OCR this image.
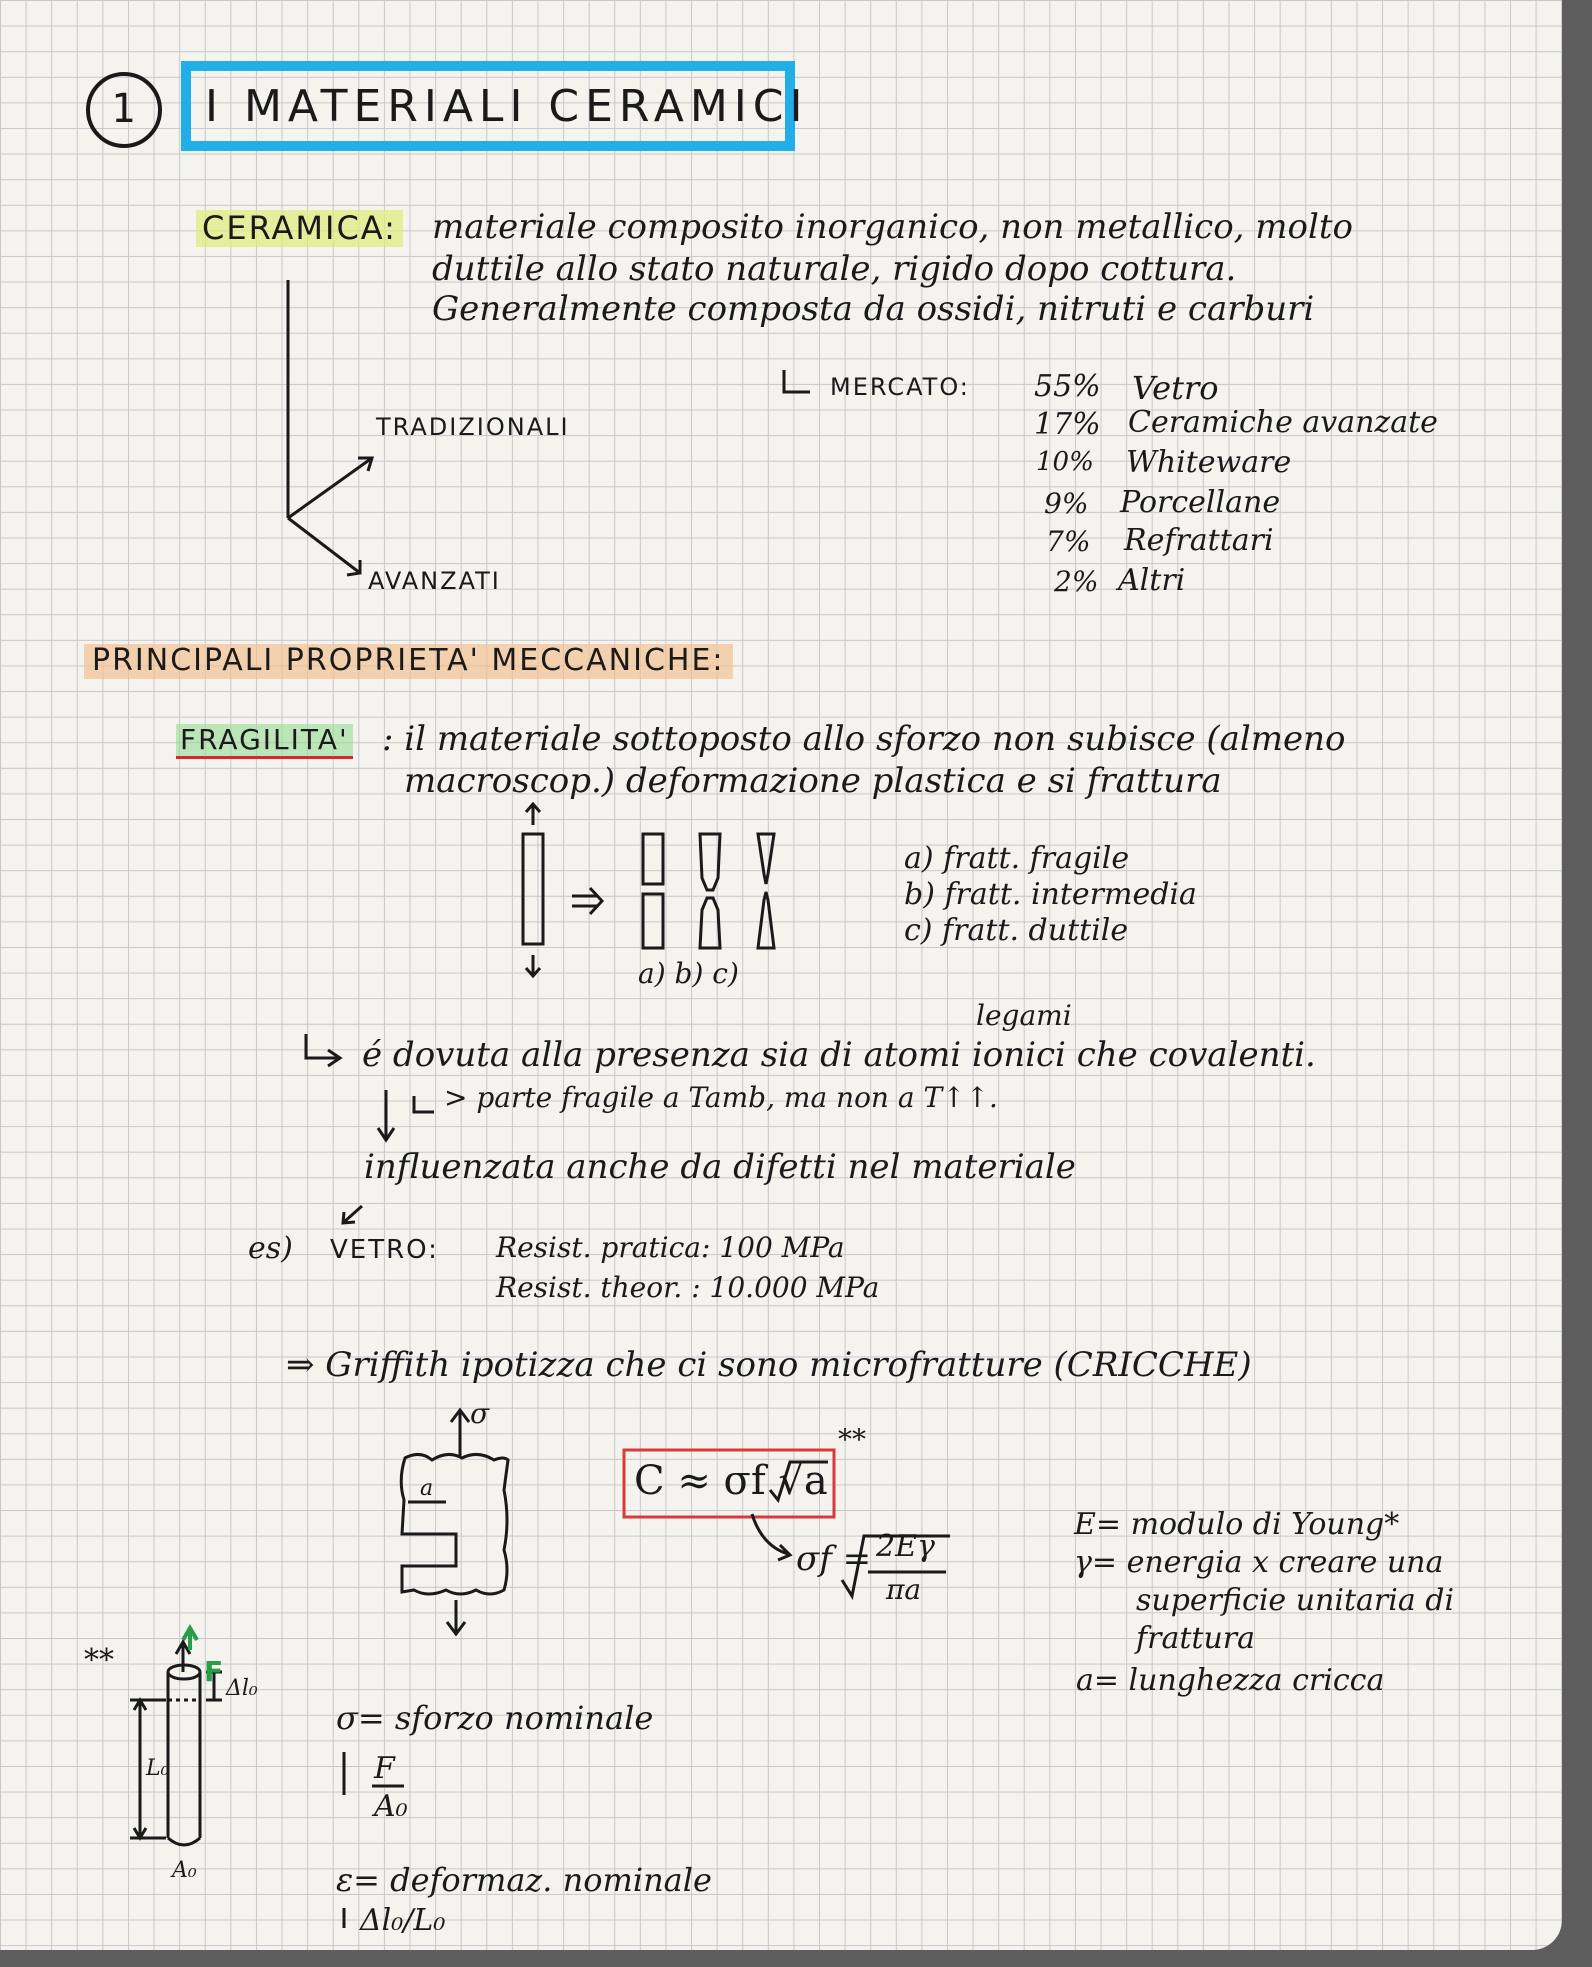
1 I MATERIALI CERAMICI
CERAMICA: materiale composito inorganico, non metallico, molto
duttile allo stato naturale, rigido dopo cottura.
Generalmente composta da ossidi, nitruti e carburi
TRADIZIONALI
AVANZATI
MERCATO: 55% Vetro
17% Ceramiche avanzate
10% Whiteware
9% Porcellane
7% Refrattari
2% Altri
PRINCIPALI PROPRIETA' MECCANICHE:
FRAGILITA' : il materiale sottoposto allo sforzo non subisce (almeno
macroscop.) deformazione plastica e si frattura
a) b) c)
a) fratt. fragile
b) fratt. intermedia
c) fratt. duttile
legami
é dovuta alla presenza sia di atomi ionici che covalenti.
> parte fragile a Tamb, ma non a T↑↑.
influenzata anche da difetti nel materiale
es) VETRO: Resist. pratica: 100 MPa
Resist. theor. : 10.000 MPa
⇒ Griffith ipotizza che ci sono microfratture (CRICCHE)
σ
a
**
C ≈ σf √a
σf = 2Eγ
πa
E= modulo di Young*
γ= energia x creare una
superficie unitaria di
frattura
a= lunghezza cricca
**	F
Δl₀
L₀
A₀
σ= sforzo nominale
F
A₀
ε= deformaz. nominale
Δl₀/L₀
